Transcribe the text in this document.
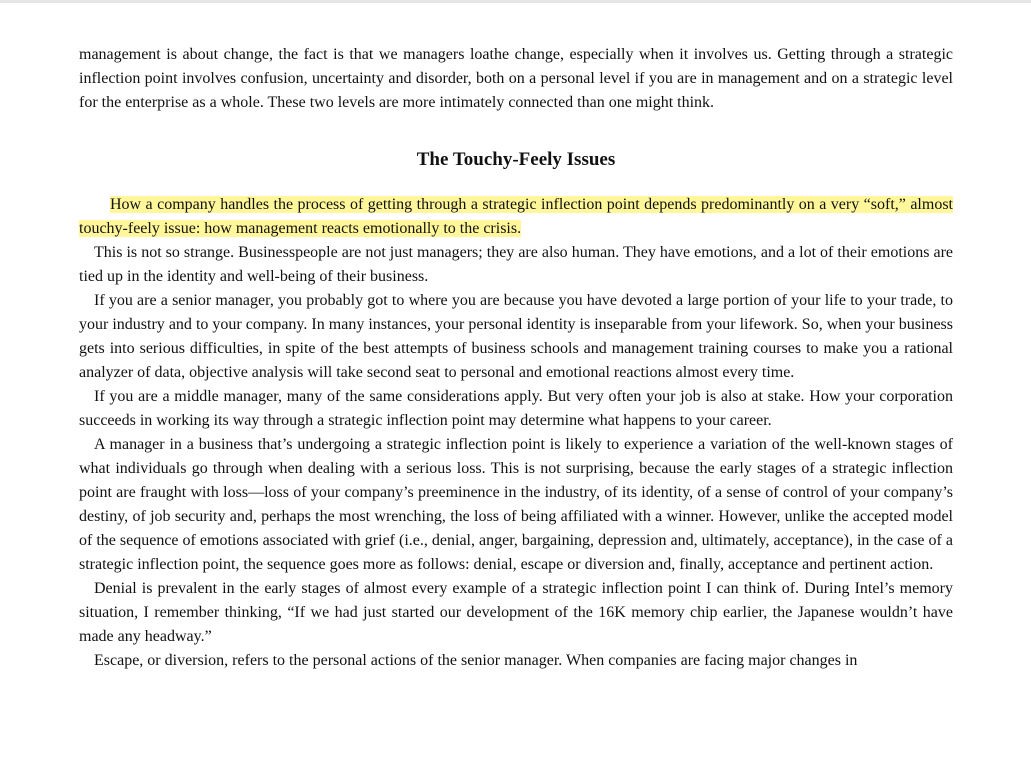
management is about change, the fact is that we managers loathe change, especially when it involves us. Getting through a strategic inflection point involves confusion, uncertainty and disorder, both on a personal level if you are in management and on a strategic level for the enterprise as a whole. These two levels are more intimately connected than one might think.

The Touchy-Feely Issues

How a company handles the process of getting through a strategic inflection point depends predominantly on a very “soft,” almost touchy-feely issue: how management reacts emotionally to the crisis.

This is not so strange. Businesspeople are not just managers; they are also human. They have emotions, and a lot of their emotions are tied up in the identity and well-being of their business.

If you are a senior manager, you probably got to where you are because you have devoted a large portion of your life to your trade, to your industry and to your company. In many instances, your personal identity is inseparable from your lifework. So, when your business gets into serious difficulties, in spite of the best attempts of business schools and management training courses to make you a rational analyzer of data, objective analysis will take second seat to personal and emotional reactions almost every time.

If you are a middle manager, many of the same considerations apply. But very often your job is also at stake. How your corporation succeeds in working its way through a strategic inflection point may determine what happens to your career.

A manager in a business that’s undergoing a strategic inflection point is likely to experience a variation of the well-known stages of what individuals go through when dealing with a serious loss. This is not surprising, because the early stages of a strategic inflection point are fraught with loss—loss of your company’s preeminence in the industry, of its identity, of a sense of control of your company’s destiny, of job security and, perhaps the most wrenching, the loss of being affiliated with a winner. However, unlike the accepted model of the sequence of emotions associated with grief (i.e., denial, anger, bargaining, depression and, ultimately, acceptance), in the case of a strategic inflection point, the sequence goes more as follows: denial, escape or diversion and, finally, acceptance and pertinent action.

Denial is prevalent in the early stages of almost every example of a strategic inflection point I can think of. During Intel’s memory situation, I remember thinking, “If we had just started our development of the 16K memory chip earlier, the Japanese wouldn’t have made any headway.”

Escape, or diversion, refers to the personal actions of the senior manager. When companies are facing major changes in
